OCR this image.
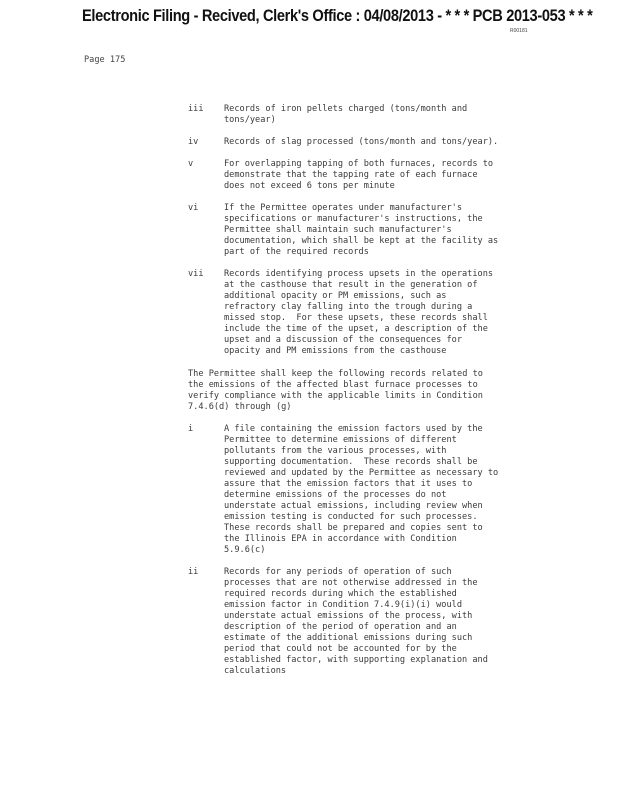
Electronic Filing - Recived, Clerk's Office : 04/08/2013 - * * * PCB 2013-053 * * *
R00181
Page 175
iii Records of iron pellets charged (tons/month and
tons/year)
iv	Records of slag processed (tons/month and tons/year).
v	For overlapping tapping of both furnaces, records to
demonstrate that the tapping rate of each furnace
does not exceed 6 tons per minute
vi	If the Permittee operates under manufacturer's
specifications or manufacturer's instructions, the
Permittee shall maintain such manufacturer's
documentation, which shall be kept at the facility as
part of the required records
vii Records identifying process upsets in the operations
at the casthouse that result in the generation of
additional opacity or PM emissions, such as
refractory clay falling into the trough during a
missed stop.  For these upsets, these records shall
include the time of the upset, a description of the
upset and a discussion of the consequences for
opacity and PM emissions from the casthouse
The Permittee shall keep the following records related to
the emissions of the affected blast furnace processes to
verify compliance with the applicable limits in Condition
7.4.6(d) through (g)
i	A file containing the emission factors used by the
Permittee to determine emissions of different
pollutants from the various processes, with
supporting documentation.  These records shall be
reviewed and updated by the Permittee as necessary to
assure that the emission factors that it uses to
determine emissions of the processes do not
understate actual emissions, including review when
emission testing is conducted for such processes.
These records shall be prepared and copies sent to
the Illinois EPA in accordance with Condition
5.9.6(c)
ii	Records for any periods of operation of such
processes that are not otherwise addressed in the
required records during which the established
emission factor in Condition 7.4.9(i)(i) would
understate actual emissions of the process, with
description of the period of operation and an
estimate of the additional emissions during such
period that could not be accounted for by the
established factor, with supporting explanation and
calculations
